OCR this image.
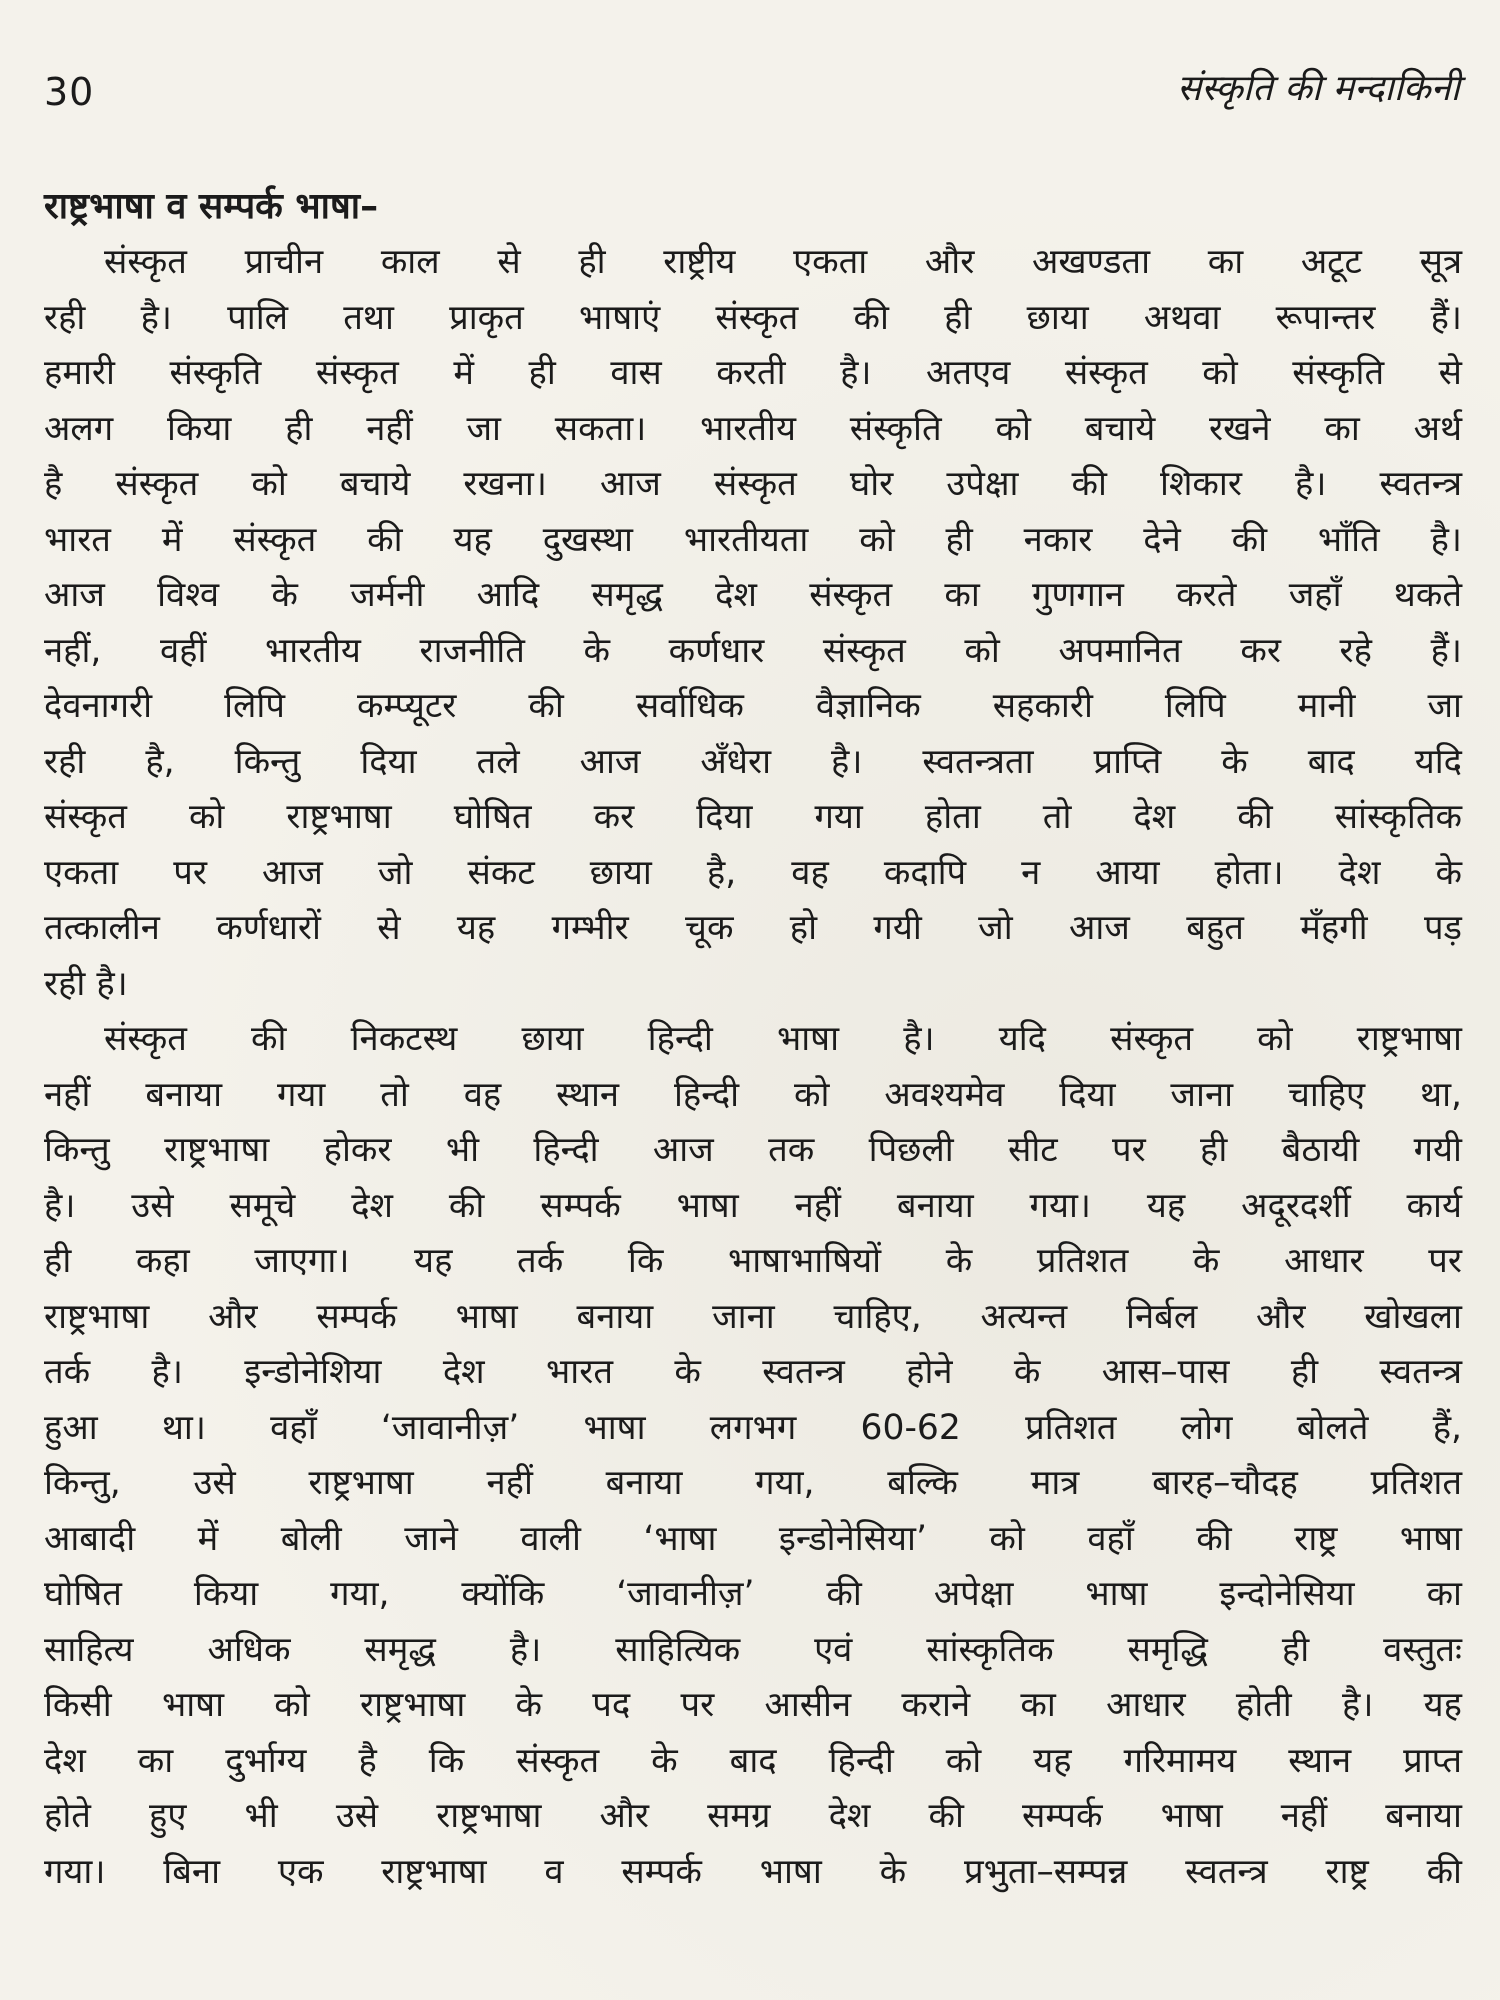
30	संस्कृति की मन्दाकिनी
राष्ट्रभाषा व सम्पर्क भाषा–
संस्कृत प्राचीन काल से ही राष्ट्रीय एकता और अखण्डता का अटूट सूत्र
रही है। पालि तथा प्राकृत भाषाएं संस्कृत की ही छाया अथवा रूपान्तर हैं।
हमारी संस्कृति संस्कृत में ही वास करती है। अतएव संस्कृत को संस्कृति से
अलग किया ही नहीं जा सकता। भारतीय संस्कृति को बचाये रखने का अर्थ
है संस्कृत को बचाये रखना। आज संस्कृत घोर उपेक्षा की शिकार है। स्वतन्त्र
भारत में संस्कृत की यह दुखस्था भारतीयता को ही नकार देने की भाँति है।
आज विश्व के जर्मनी आदि समृद्ध देश संस्कृत का गुणगान करते जहाँ थकते
नहीं, वहीं भारतीय राजनीति के कर्णधार संस्कृत को अपमानित कर रहे हैं।
देवनागरी लिपि कम्प्यूटर की सर्वाधिक वैज्ञानिक सहकारी लिपि मानी जा
रही है, किन्तु दिया तले आज अँधेरा है। स्वतन्त्रता प्राप्ति के बाद यदि
संस्कृत को राष्ट्रभाषा घोषित कर दिया गया होता तो देश की सांस्कृतिक
एकता पर आज जो संकट छाया है, वह कदापि न आया होता। देश के
तत्कालीन कर्णधारों से यह गम्भीर चूक हो गयी जो आज बहुत मँहगी पड़
रही है।
संस्कृत की निकटस्थ छाया हिन्दी भाषा है। यदि संस्कृत को राष्ट्रभाषा
नहीं बनाया गया तो वह स्थान हिन्दी को अवश्यमेव दिया जाना चाहिए था,
किन्तु राष्ट्रभाषा होकर भी हिन्दी आज तक पिछली सीट पर ही बैठायी गयी
है। उसे समूचे देश की सम्पर्क भाषा नहीं बनाया गया। यह अदूरदर्शी कार्य
ही कहा जाएगा। यह तर्क कि भाषाभाषियों के प्रतिशत के आधार पर
राष्ट्रभाषा और सम्पर्क भाषा बनाया जाना चाहिए, अत्यन्त निर्बल और खोखला
तर्क है। इन्डोनेशिया देश भारत के स्वतन्त्र होने के आस–पास ही स्वतन्त्र
हुआ था। वहाँ ‘जावानीज़’ भाषा लगभग 60-62 प्रतिशत लोग बोलते हैं,
किन्तु, उसे राष्ट्रभाषा नहीं बनाया गया, बल्कि मात्र बारह–चौदह प्रतिशत
आबादी में बोली जाने वाली ‘भाषा इन्डोनेसिया’ को वहाँ की राष्ट्र भाषा
घोषित किया गया, क्योंकि ‘जावानीज़’ की अपेक्षा भाषा इन्दोनेसिया का
साहित्य अधिक समृद्ध है। साहित्यिक एवं सांस्कृतिक समृद्धि ही वस्तुतः
किसी भाषा को राष्ट्रभाषा के पद पर आसीन कराने का आधार होती है। यह
देश का दुर्भाग्य है कि संस्कृत के बाद हिन्दी को यह गरिमामय स्थान प्राप्त
होते हुए भी उसे राष्ट्रभाषा और समग्र देश की सम्पर्क भाषा नहीं बनाया
गया। बिना एक राष्ट्रभाषा व सम्पर्क भाषा के प्रभुता–सम्पन्न स्वतन्त्र राष्ट्र की
